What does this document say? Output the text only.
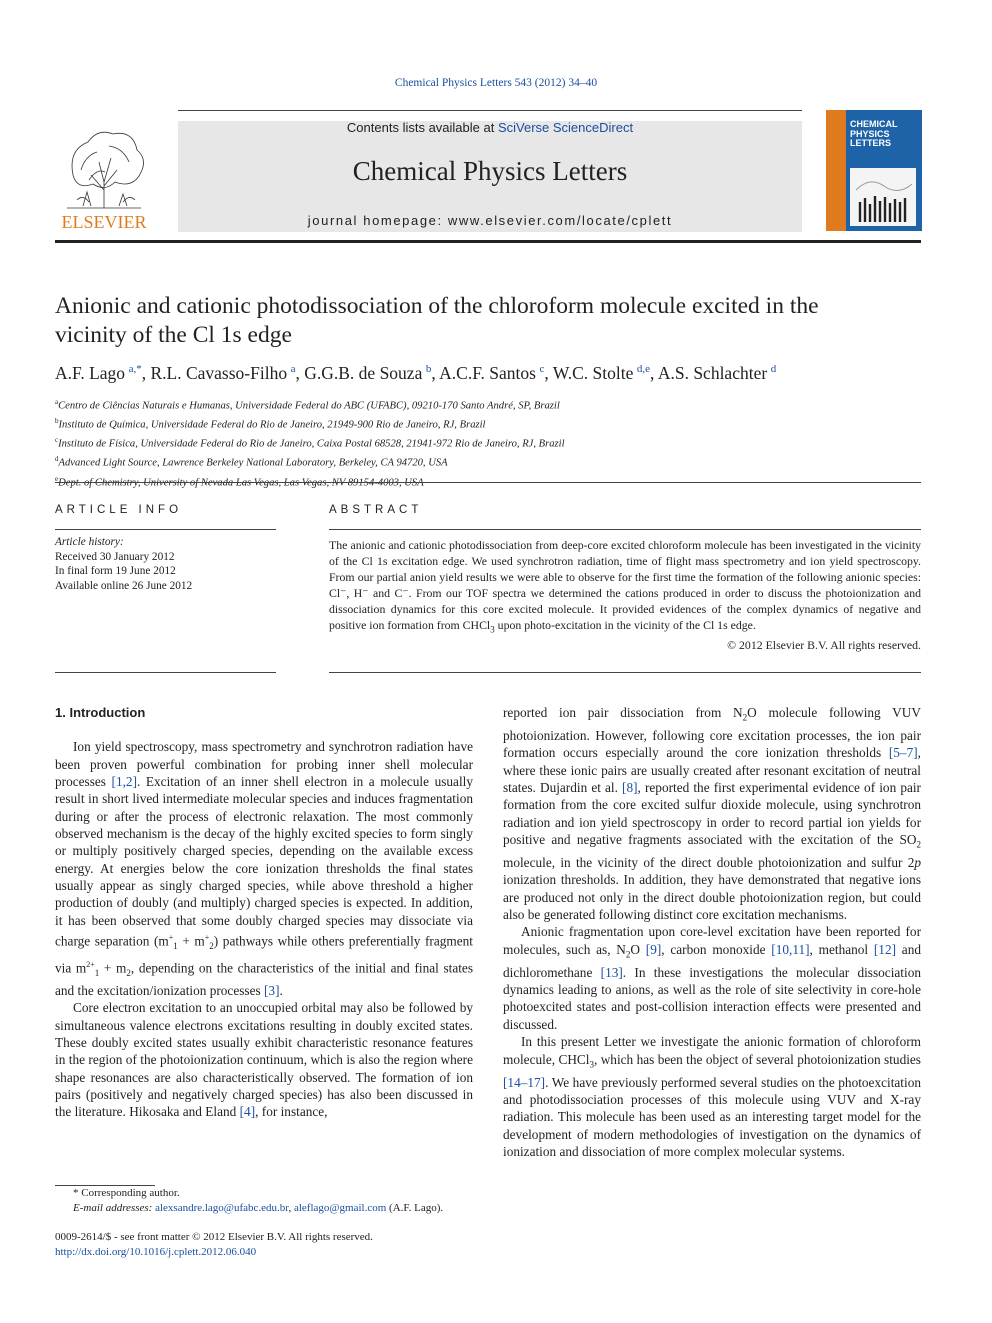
Chemical Physics Letters 543 (2012) 34–40
ELSEVIER
Contents lists available at SciVerse ScienceDirect
Chemical Physics Letters
journal homepage: www.elsevier.com/locate/cplett
CHEMICAL
PHYSICS
LETTERS
Anionic and cationic photodissociation of the chloroform molecule excited in the vicinity of the Cl 1s edge
A.F. Lago  $^{a,*}$, R.L. Cavasso-Filho  $^a$, G.G.B. de Souza  $^b$, A.C.F. Santos  $^c$, W.C. Stolte  $^{d,e}$, A.S. Schlachter  $^d$
$^a$Centro de Ciências Naturais e Humanas, Universidade Federal do ABC (UFABC), 09210-170 Santo André, SP, Brazil
$^b$Instituto de Química, Universidade Federal do Rio de Janeiro, 21949-900 Rio de Janeiro, RJ, Brazil
$^c$Instituto de Física, Universidade Federal do Rio de Janeiro, Caixa Postal 68528, 21941-972 Rio de Janeiro, RJ, Brazil
$^d$Advanced Light Source, Lawrence Berkeley National Laboratory, Berkeley, CA 94720, USA
$^e$
ARTICLE INFO	ABSTRACT
Article history:
Received 30 January 2012
In final form 19 June 2012
Available online 26 June 2012
The anionic and cationic photodissociation from deep-core excited chloroform molecule has been investigated in the vicinity of the Cl 1s excitation edge. We used synchrotron radiation, time of flight mass spectrometry and ion yield spectroscopy. From our partial anion yield results we were able to observe for the first time the formation of the following anionic species: Cl⁻, H⁻ and C⁻. From our TOF spectra we determined the cations produced in order to discuss the photoionization and dissociation dynamics for this core excited molecule. It provided evidences of the complex dynamics of negative and positive ion formation from CHCl$_3$ upon photo-excitation in the vicinity of the Cl 1s edge.
© 2012 Elsevier B.V. All rights reserved.
1. Introduction

Ion yield spectroscopy, mass spectrometry and synchrotron radiation have been proven powerful combination for probing inner shell molecular processes [1,2]. Excitation of an inner shell electron in a molecule usually result in short lived intermediate molecular species and induces fragmentation during or after the process of electronic relaxation. The most commonly observed mechanism is the decay of the highly excited species to form singly or multiply positively charged species, depending on the available excess energy. At energies below the core ionization thresholds the final states usually appear as singly charged species, while above threshold a higher production of doubly (and multiply) charged species is expected. In addition, it has been observed that some doubly charged species may dissociate via charge separation $(m^+_1 + m^+_2)$ pathways while others preferentially fragment via $m^{2+}_1 + m_2$, depending on the characteristics of the initial and final states and the excitation/ionization processes [3].

Core electron excitation to an unoccupied orbital may also be followed by simultaneous valence electrons excitations resulting in doubly excited states. These doubly excited states usually exhibit characteristic resonance features in the region of the photoionization continuum, which is also the region where shape resonances are also characteristically observed. The formation of ion pairs (positively and negatively charged species) has also been discussed in the literature. Hikosaka and Eland [4], for instance,

reported ion pair dissociation from $N_2O$ molecule following VUV photoionization. However, following core excitation processes, the ion pair formation occurs especially around the core ionization thresholds [5–7], where these ionic pairs are usually created after resonant excitation of neutral states. Dujardin et al. [8], reported the first experimental evidence of ion pair formation from the core excited sulfur dioxide molecule, using synchrotron radiation and ion yield spectroscopy in order to record partial ion yields for positive and negative fragments associated with the excitation of the $SO_2$ molecule, in the vicinity of the direct double photoionization and sulfur 2p ionization thresholds. In addition, they have demonstrated that negative ions are produced not only in the direct double photoionization region, but could also be generated following distinct core excitation mechanisms.

Anionic fragmentation upon core-level excitation have been reported for molecules, such as, $N_2O$ [9], carbon monoxide [10,11], methanol [12] and dichloromethane [13]. In these investigations the molecular dissociation dynamics leading to anions, as well as the role of site selectivity in core-hole photoexcited states and post-collision interaction effects were presented and discussed.

In this present Letter we investigate the anionic formation of chloroform molecule, CHCl$_3$, which has been the object of several photoionization studies [14–17]. We have previously performed several studies on the photoexcitation and photodissociation processes of this molecule using VUV and X-ray radiation. This molecule has been used as an interesting target model for the development of modern methodologies of investigation on the dynamics of ionization and dissociation of more complex molecular systems.

* Corresponding author.
E-mail addresses: alexsandre.lago@ufabc.edu.br, aleflago@gmail.com (A.F. Lago).
0009-2614/$ - see front matter © 2012 Elsevier B.V. All rights reserved.
http://dx.doi.org/10.1016/j.cplett.2012.06.040
